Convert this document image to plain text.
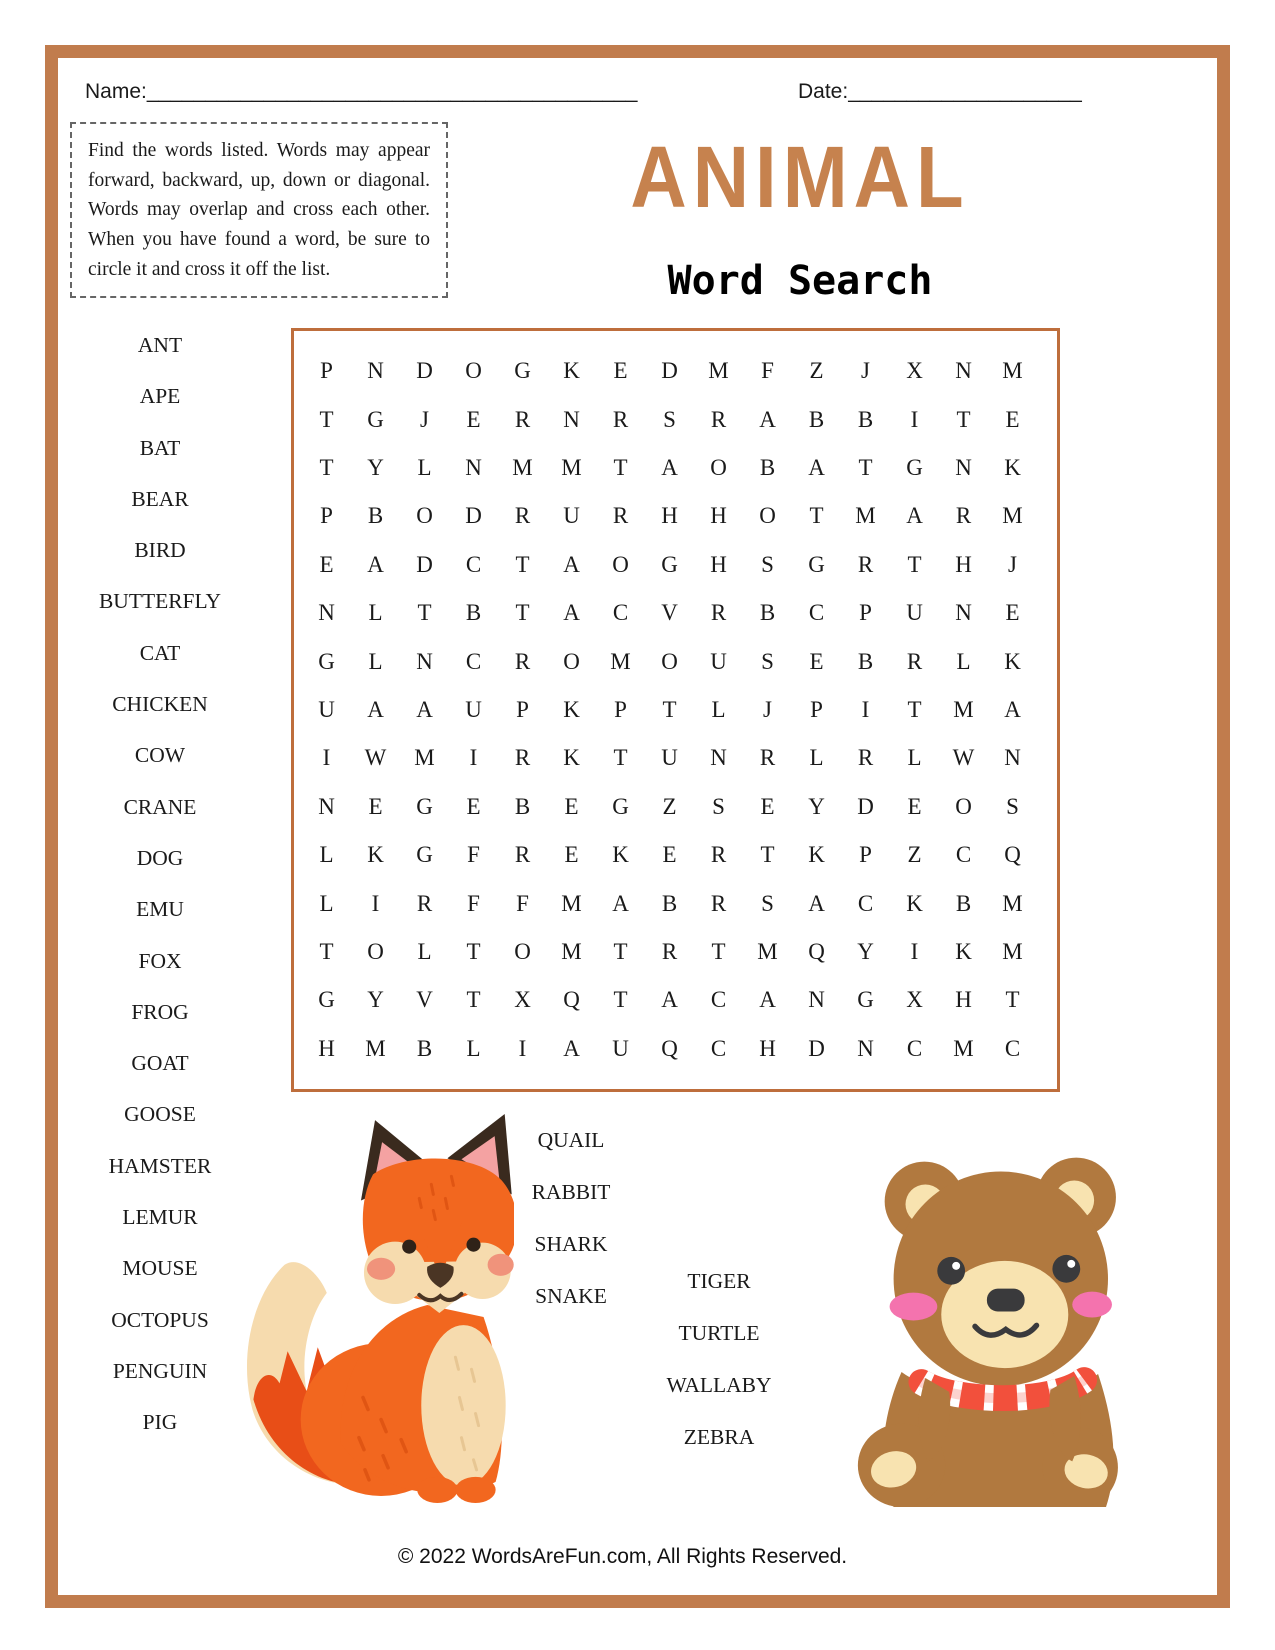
Name:__________________________________________	Date:____________________
Find the words listed. Words may appear forward, backward, up, down or diagonal. Words may overlap and cross each other. When you have found a word, be sure to circle it and cross it off the list.
ANIMAL
Word Search
ANT
APE
BAT
BEAR
BIRD
BUTTERFLY
CAT
CHICKEN
COW
CRANE
DOG
EMU
FOX
FROG
GOAT
GOOSE
HAMSTER
LEMUR
MOUSE
OCTOPUS
PENGUIN
PIG
P	N	D	O	G	K	E	D	M	F	Z	J	X	N	M
T	G	J	E	R	N	R	S	R	A	B	B	I	T	E
T	Y	L	N	M	M	T	A	O	B	A	T	G	N	K
P	B	O	D	R	U	R	H	H	O	T	M	A	R	M
E	A	D	C	T	A	O	G	H	S	G	R	T	H	J
N	L	T	B	T	A	C	V	R	B	C	P	U	N	E
G	L	N	C	R	O	M	O	U	S	E	B	R	L	K
U	A	A	U	P	K	P	T	L	J	P	I	T	M	A
I	W	M	I	R	K	T	U	N	R	L	R	L	W	N
N	E	G	E	B	E	G	Z	S	E	Y	D	E	O	S
L	K	G	F	R	E	K	E	R	T	K	P	Z	C	Q
L	I	R	F	F	M	A	B	R	S	A	C	K	B	M
T	O	L	T	O	M	T	R	T	M	Q	Y	I	K	M
G	Y	V	T	X	Q	T	A	C	A	N	G	X	H	T
H	M	B	L	I	A	U	Q	C	H	D	N	C	M	C
QUAIL
RABBIT
SHARK
SNAKE
TIGER
TURTLE
WALLABY
ZEBRA
© 2022 WordsAreFun.com, All Rights Reserved.
